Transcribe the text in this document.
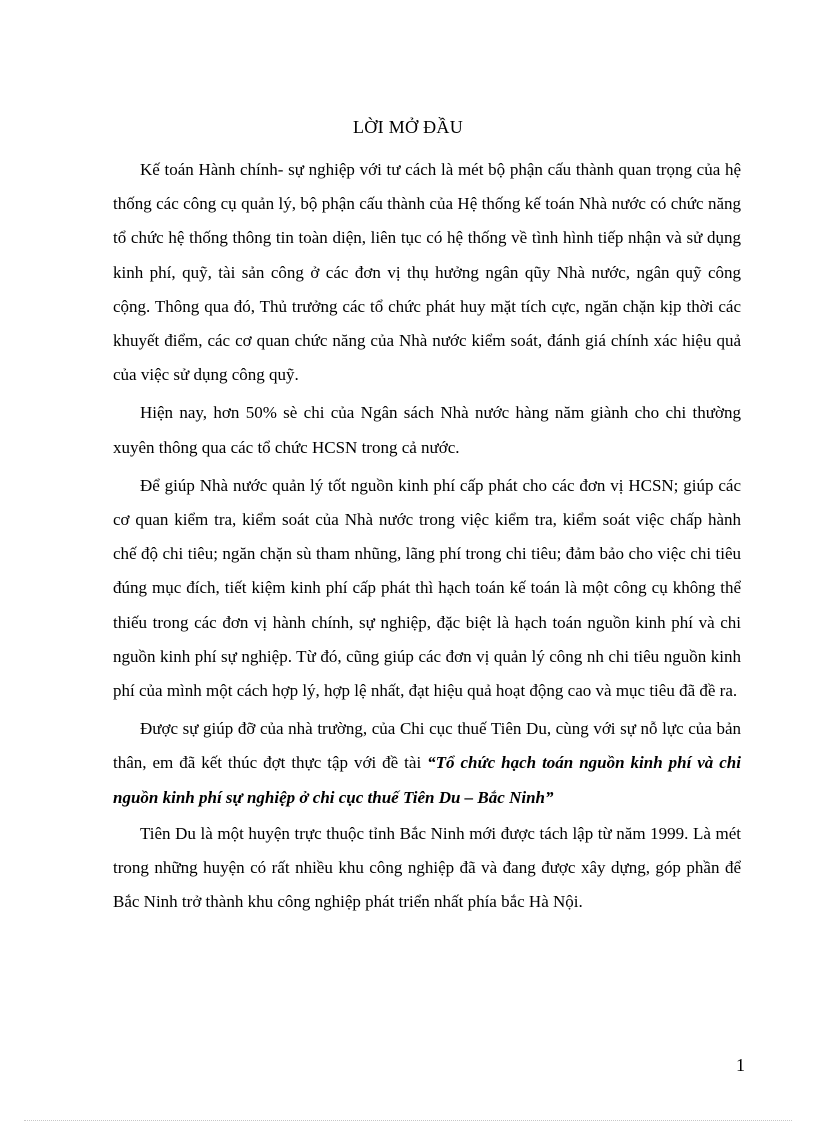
LỜI MỞ ĐẦU

Kế toán Hành chính- sự nghiệp với tư cách là mét bộ phận cấu thành quan trọng của hệ thống các công cụ quản lý, bộ phận cấu thành của Hệ thống kế toán Nhà nước có chức năng tổ chức hệ thống thông tin toàn diện, liên tục có hệ thống về tình hình tiếp nhận và sử dụng kinh phí, quỹ, tài sản công ở các đơn vị thụ hưởng ngân qũy Nhà nước, ngân quỹ công cộng. Thông qua đó, Thủ trưởng các tổ chức phát huy mặt tích cực, ngăn chặn kịp thời các khuyết điểm, các cơ quan chức năng của Nhà nước kiểm soát, đánh giá chính xác hiệu quả của việc sử dụng công quỹ.

Hiện nay, hơn 50% sè chi của Ngân sách Nhà nước hàng năm giành cho chi thường xuyên thông qua các tổ chức HCSN trong cả nước.

Để giúp Nhà nước quản lý tốt nguồn kinh phí cấp phát cho các đơn vị HCSN; giúp các cơ quan kiểm tra, kiểm soát của Nhà nước trong việc kiểm tra, kiểm soát việc chấp hành chế độ chi tiêu; ngăn chặn sù tham nhũng, lãng phí trong chi tiêu; đảm bảo cho việc chi tiêu đúng mục đích, tiết kiệm kinh phí cấp phát thì hạch toán kế toán là một công cụ không thể thiếu trong các đơn vị hành chính, sự nghiệp, đặc biệt là hạch toán nguồn kinh phí và chi nguồn kinh phí sự nghiệp. Từ đó, cũng giúp các đơn vị quản lý công nh chi tiêu nguồn kinh phí của mình một cách hợp lý, hợp lệ nhất, đạt hiệu quả hoạt động cao và mục tiêu đã đề ra.

Được sự giúp đỡ của nhà trường, của Chi cục thuế Tiên Du, cùng với sự nỗ lực của bản thân, em đã kết thúc đợt thực tập với đề tài “Tổ chức hạch toán nguồn kinh phí và chi nguồn kinh phí sự nghiệp ở chi cục thuế Tiên Du – Bắc Ninh”

Tiên Du là một huyện trực thuộc tỉnh Bắc Ninh mới được tách lập từ năm 1999. Là mét trong những huyện có rất nhiều khu công nghiệp đã và đang được xây dựng, góp phần để Bắc Ninh trở thành khu công nghiệp phát triển nhất phía bắc Hà Nội.

1
